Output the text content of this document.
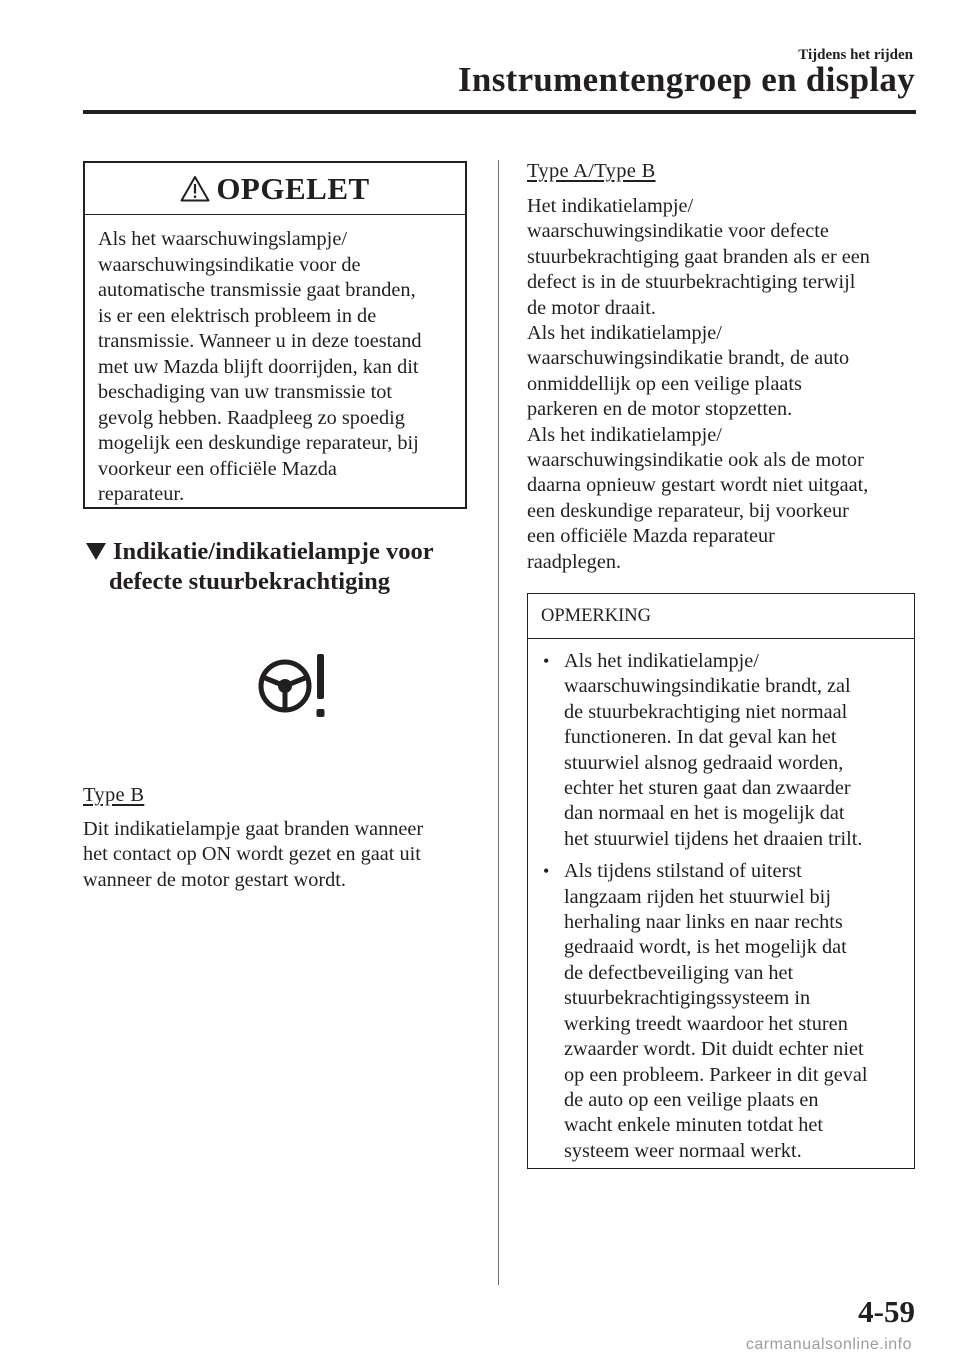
Tijdens het rijden
Instrumentengroep en display
OPGELET
Als het waarschuwingslampje/
waarschuwingsindikatie voor de
automatische transmissie gaat branden,
is er een elektrisch probleem in de
transmissie. Wanneer u in deze toestand
met uw Mazda blijft doorrijden, kan dit
beschadiging van uw transmissie tot
gevolg hebben. Raadpleeg zo spoedig
mogelijk een deskundige reparateur, bij
voorkeur een officiële Mazda
reparateur.
Indikatie/indikatielampje voor
defecte stuurbekrachtiging
Type B
Dit indikatielampje gaat branden wanneer
het contact op ON wordt gezet en gaat uit
wanneer de motor gestart wordt.
Type A/Type B
Het indikatielampje/
waarschuwingsindikatie voor defecte
stuurbekrachtiging gaat branden als er een
defect is in de stuurbekrachtiging terwijl
de motor draait.
Als het indikatielampje/
waarschuwingsindikatie brandt, de auto
onmiddellijk op een veilige plaats
parkeren en de motor stopzetten.
Als het indikatielampje/
waarschuwingsindikatie ook als de motor
daarna opnieuw gestart wordt niet uitgaat,
een deskundige reparateur, bij voorkeur
een officiële Mazda reparateur
raadplegen.
OPMERKING
• Als het indikatielampje/
waarschuwingsindikatie brandt, zal
de stuurbekrachtiging niet normaal
functioneren. In dat geval kan het
stuurwiel alsnog gedraaid worden,
echter het sturen gaat dan zwaarder
dan normaal en het is mogelijk dat
het stuurwiel tijdens het draaien trilt.
• Als tijdens stilstand of uiterst
langzaam rijden het stuurwiel bij
herhaling naar links en naar rechts
gedraaid wordt, is het mogelijk dat
de defectbeveiliging van het
stuurbekrachtigingssysteem in
werking treedt waardoor het sturen
zwaarder wordt. Dit duidt echter niet
op een probleem. Parkeer in dit geval
de auto op een veilige plaats en
wacht enkele minuten totdat het
systeem weer normaal werkt.
4-59
carmanualsonline.info
